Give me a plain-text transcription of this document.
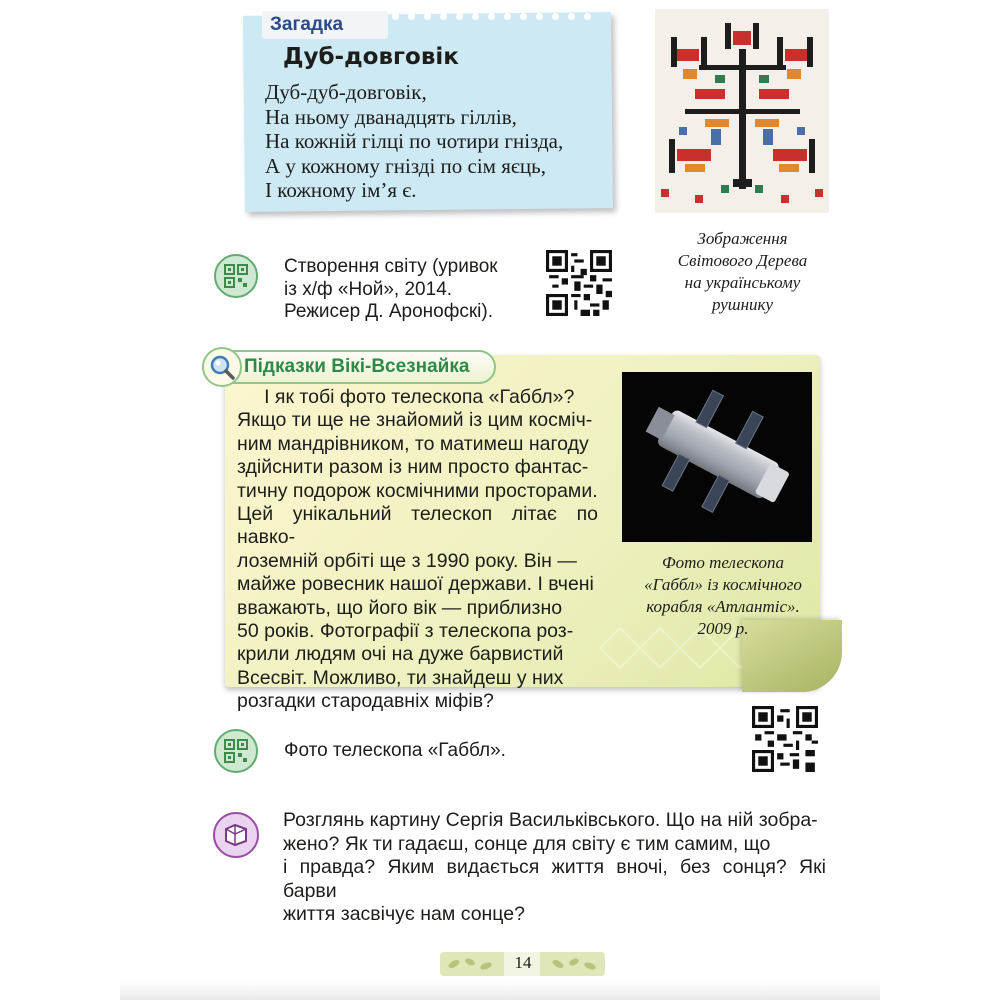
Загадка
Дуб-довговік
Дуб-дуб-довговік,
На ньому дванадцять гіллів,
На кожній гілці по чотири гнізда,
А у кожному гнізді по сім яєць,
І кожному ім’я є.
Зображення
Світового Дерева
на українському
рушнику
Створення світу (уривок
із х/ф «Ной», 2014.
Режисер Д. Аронофскі).
Підказки Вікі-Всезнайка
І як тобі фото телескопа «Габбл»?
Якщо ти ще не знайомий із цим косміч-
ним мандрівником, то матимеш нагоду
здійснити разом із ним просто фантас-
тичну подорож космічними просторами.
Цей унікальний телескоп літає по навко-
лоземній орбіті ще з 1990 року. Він —
майже ровесник нашої держави. І вчені
вважають, що його вік — приблизно
50 років. Фотографії з телескопа роз-
крили людям очі на дуже барвистий
Всесвіт. Можливо, ти знайдеш у них
розгадки стародавніх міфів?
Фото телескопа
«Габбл» із космічного
корабля «Атлантіс».
2009 р.
Фото телескопа «Габбл».
Розглянь картину Сергія Васильківського. Що на ній зобра-
жено? Як ти гадаєш, сонце для світу є тим самим, що
і правда? Яким видається життя вночі, без сонця? Які барви
життя засвічує нам сонце?
14
